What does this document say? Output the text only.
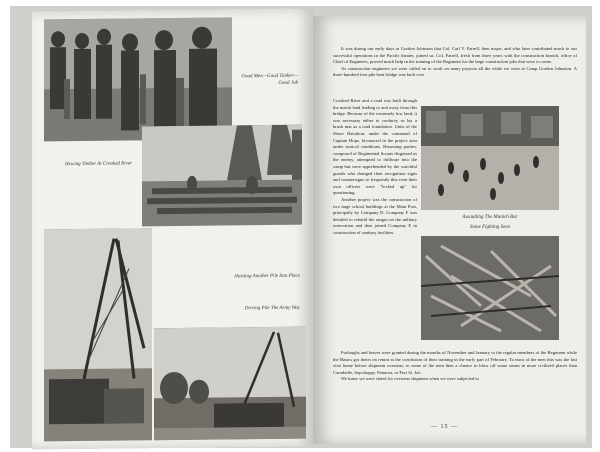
Good Men—Good Timber—Good Job
Hewing Timber At Crooked River
Hoisting Another Pile Into Place
Driving Pile The Army Way

It was during our early days at Gordon Johnston that Col. Carl Y. Farrell, then major, and who later contributed much to our successful operations in the Pacific theater, joined us. Col. Farrell, fresh from three years with the construction branch, office of Chief of Engineers, proved much help in the training of the Regiment for the large construction jobs that were to come.

As construction engineers we were called on to work on many projects all the while we were at Camp Gordon Johnston. A three-hundred foot pile bent bridge was built over

Crooked River and a road was built through the marsh land leading to and away from this bridge. Because of the extremely low land, it was necessary either to corduroy or lay a brush mat as a road foundation. Units of the Shore Battalion, under the command of Captain Hope, bivouaced in the project area under tactical conditions. Harassing parties, composed of Regimental Scouts disguised as the enemy, attempted to infiltrate into the camp but were apprehended by the watchful guards who changed their recognition signs and countersigns so frequently this even their own officers were "locked up" for questioning.

Another project was the construction of two huge school buildings at the Main Post, principally by Company D. Company F was detailed to rebuild the ranges on the military reservation and then joined Company E in construction of sanitary facilities.

Assaulting The Munich Bar
Some Fighting Seen

Furloughs and leaves were granted during the months of November and January to the regular members of the Regiment while the Basics got theirs on return at the conclusion of their training in the early part of February. To most of the men this was the last visit home before shipment overseas; to some of the men then a chance to blow off some steam in more civilized places than Carrabelle, Sopchoppy, Panacea, or Port St. Joe.

We knew we were slated for overseas shipment when we were subjected to

— 15 —
